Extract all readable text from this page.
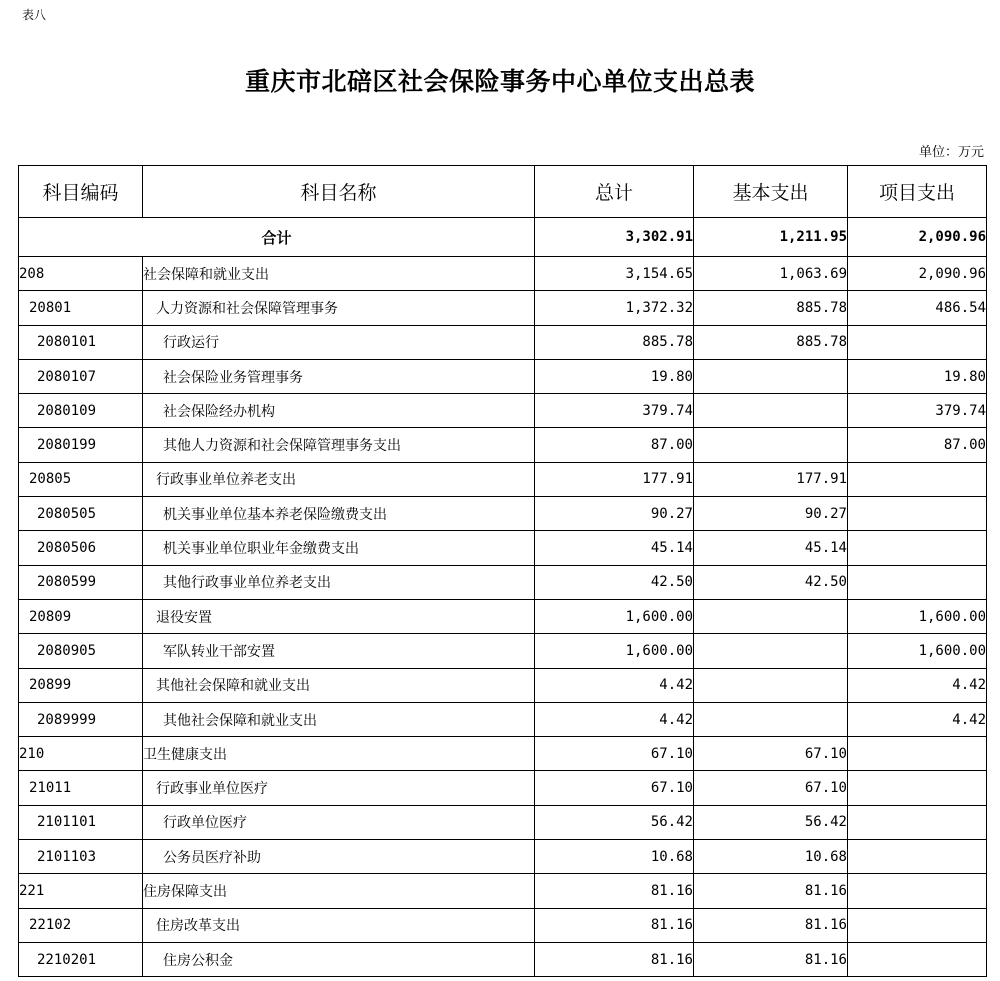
表八
重庆市北碚区社会保险事务中心单位支出总表
单位：万元
科目编码	科目名称	总计	基本支出	项目支出
合计		3,302.91	1,211.95	2,090.96
208	社会保障和就业支出	3,154.65	1,063.69	2,090.96
20801	人力资源和社会保障管理事务	1,372.32	885.78	486.54
2080101	行政运行	885.78	885.78	
2080107	社会保险业务管理事务	19.80		19.80
2080109	社会保险经办机构	379.74		379.74
2080199	其他人力资源和社会保障管理事务支出	87.00		87.00
20805	行政事业单位养老支出	177.91	177.91	
2080505	机关事业单位基本养老保险缴费支出	90.27	90.27	
2080506	机关事业单位职业年金缴费支出	45.14	45.14	
2080599	其他行政事业单位养老支出	42.50	42.50	
20809	退役安置	1,600.00		1,600.00
2080905	军队转业干部安置	1,600.00		1,600.00
20899	其他社会保障和就业支出	4.42		4.42
2089999	其他社会保障和就业支出	4.42		4.42
210	卫生健康支出	67.10	67.10	
21011	行政事业单位医疗	67.10	67.10	
2101101	行政单位医疗	56.42	56.42	
2101103	公务员医疗补助	10.68	10.68	
221	住房保障支出	81.16	81.16	
22102	住房改革支出	81.16	81.16	
2210201	住房公积金	81.16	81.16	
